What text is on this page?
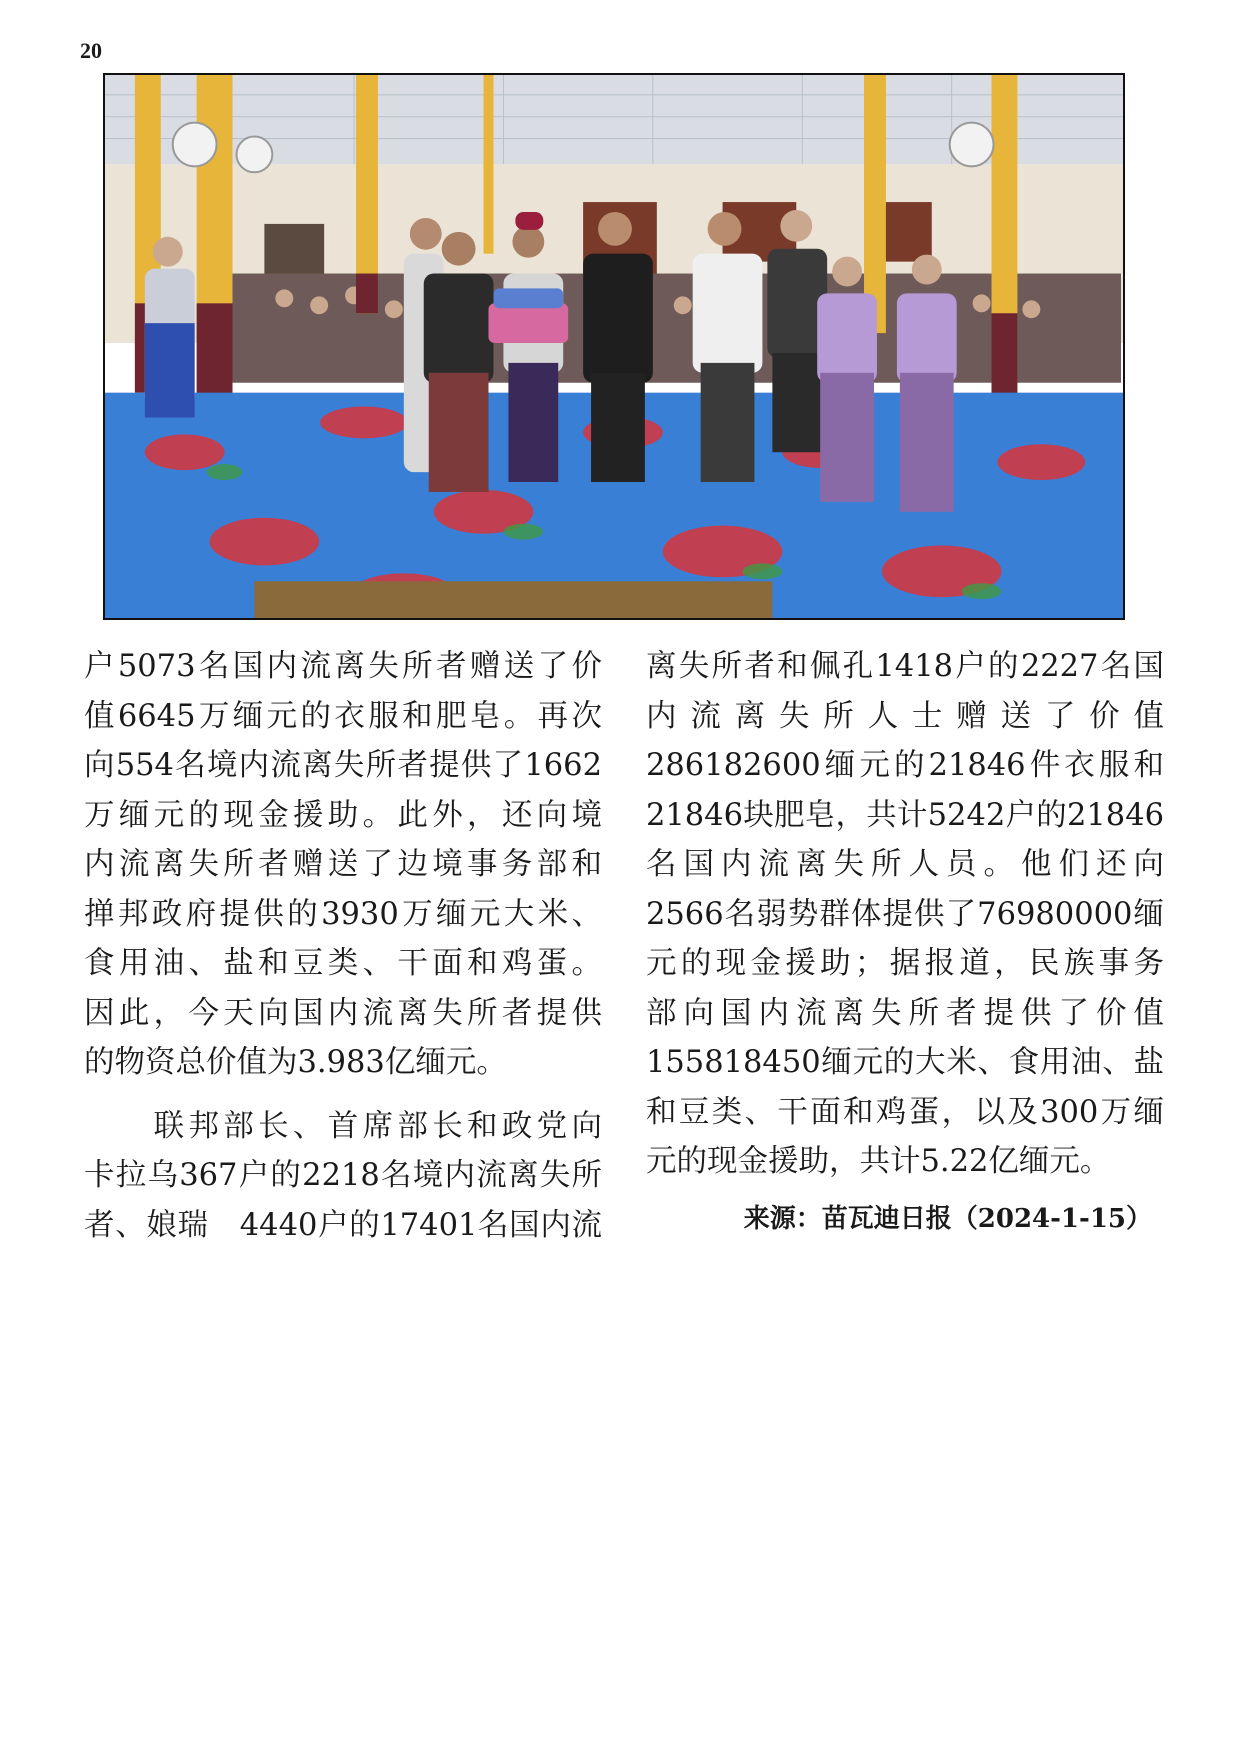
20

户5073名国内流离失所者赠送了价

值6645万缅元的衣服和肥皂。再次

向554名境内流离失所者提供了1662

万缅元的现金援助。此外，还向境

内流离失所者赠送了边境事务部和

掸邦政府提供的3930万缅元大米、

食用油、盐和豆类、干面和鸡蛋。

因此，今天向国内流离失所者提供

的物资总价值为3.983亿缅元。

　　联邦部长、首席部长和政党向

卡拉乌367户的2218名境内流离失所

者、娘瑞　4440户的17401名国内流

离失所者和佩孔1418户的2227名国

内流离失所人士赠送了价值

286182600缅元的21846件衣服和

21846块肥皂，共计5242户的21846

名国内流离失所人员。他们还向

2566名弱势群体提供了76980000缅

元的现金援助；据报道，民族事务

部向国内流离失所者提供了价值

155818450缅元的大米、食用油、盐

和豆类、干面和鸡蛋，以及300万缅

元的现金援助，共计5.22亿缅元。

来源：苗瓦迪日报（2024-1-15）
